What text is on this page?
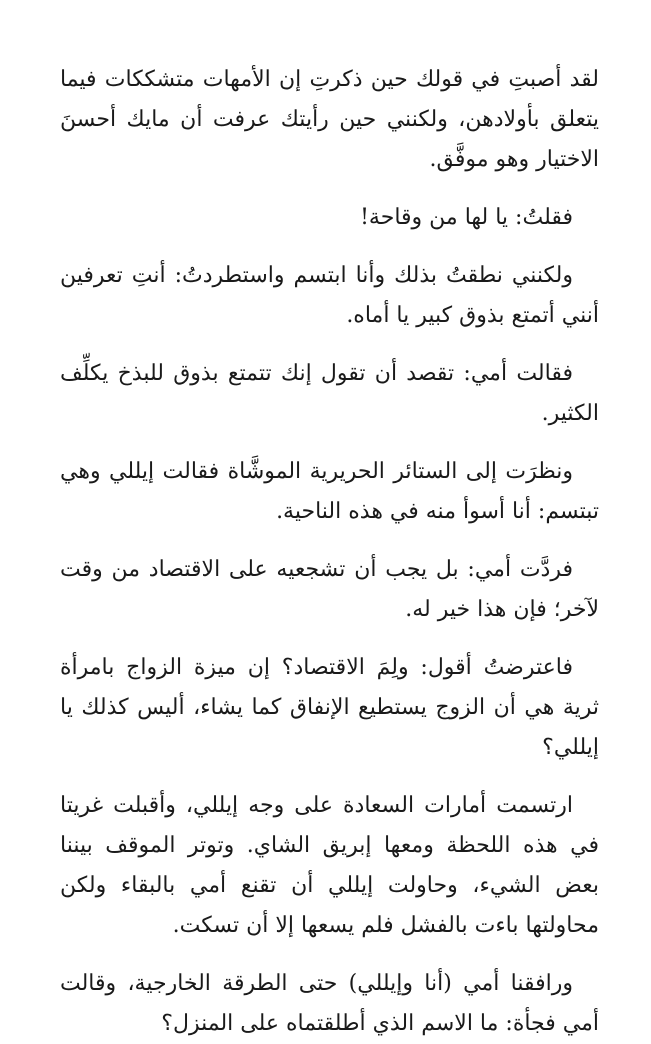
لقد أصبتِ في قولك حين ذكرتِ إن الأمهات متشككات فيما يتعلق بأولادهن، ولكنني حين رأيتك عرفت أن مايك أحسنَ الاختيار وهو موفَّق.

فقلتُ: يا لها من وقاحة!

ولكنني نطقتُ بذلك وأنا ابتسم واستطردتُ: أنتِ تعرفين أنني أتمتع بذوق كبير يا أماه.

فقالت أمي: تقصد أن تقول إنك تتمتع بذوق للبذخ يكلِّف الكثير.

ونظرَت إلى الستائر الحريرية الموشَّاة فقالت إيللي وهي تبتسم: أنا أسوأ منه في هذه الناحية.

فردَّت أمي: بل يجب أن تشجعيه على الاقتصاد من وقت لآخر؛ فإن هذا خير له.

فاعترضتُ أقول: ولِمَ الاقتصاد؟ إن ميزة الزواج بامرأة ثرية هي أن الزوج يستطيع الإنفاق كما يشاء، أليس كذلك يا إيللي؟

ارتسمت أمارات السعادة على وجه إيللي، وأقبلت غريتا في هذه اللحظة ومعها إبريق الشاي. وتوتر الموقف بيننا بعض الشيء، وحاولت إيللي أن تقنع أمي بالبقاء ولكن محاولتها باءت بالفشل فلم يسعها إلا أن تسكت.

ورافقنا أمي (أنا وإيللي) حتى الطرقة الخارجية، وقالت أمي فجأة: ما الاسم الذي أطلقتماه على المنزل؟
